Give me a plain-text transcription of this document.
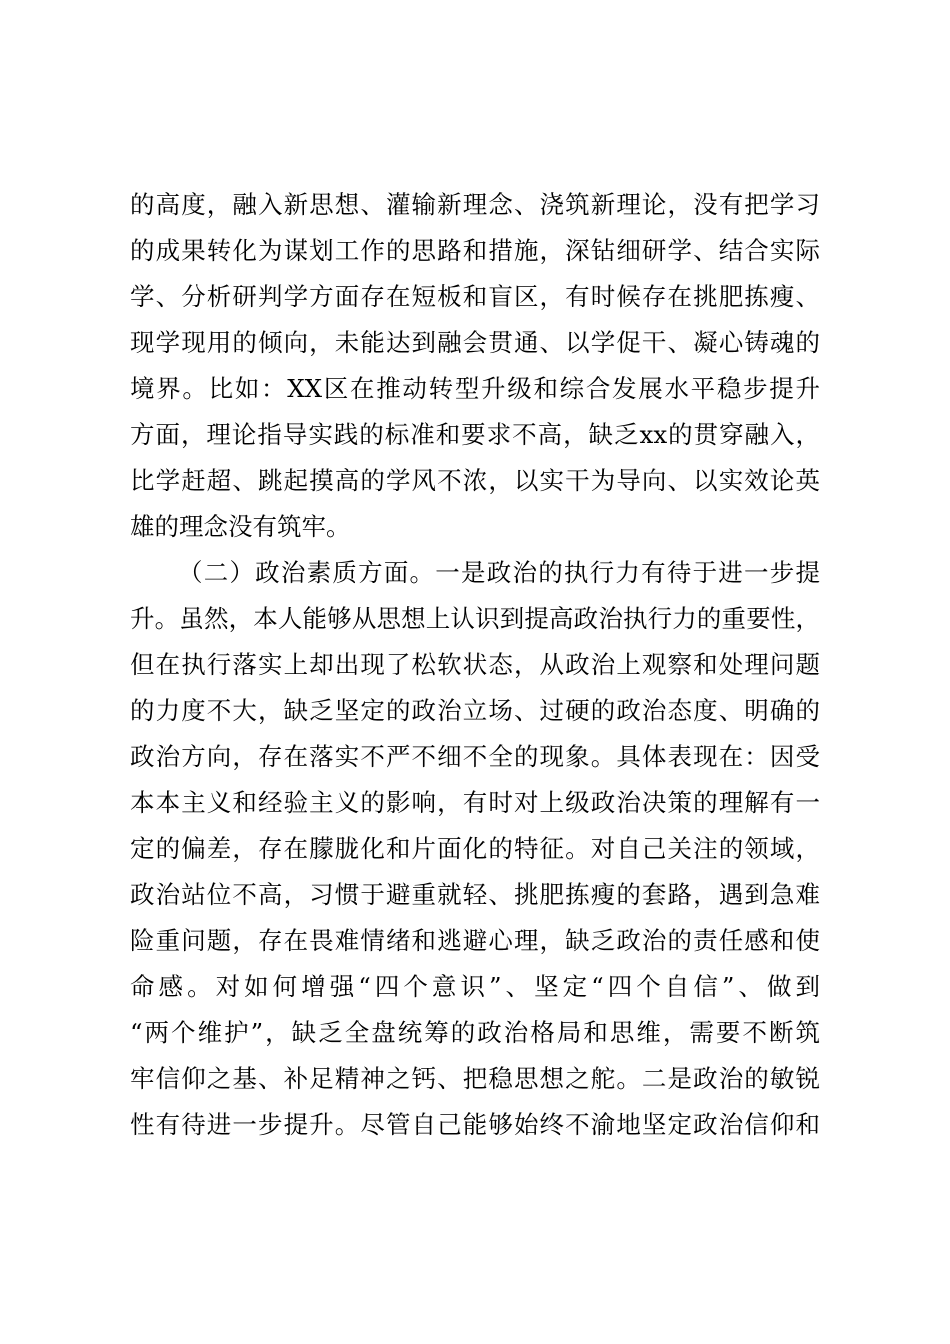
的高度，融入新思想、灌输新理念、浇筑新理论，没有把学习
的成果转化为谋划工作的思路和措施，深钻细研学、结合实际
学、分析研判学方面存在短板和盲区，有时候存在挑肥拣瘦、
现学现用的倾向，未能达到融会贯通、以学促干、凝心铸魂的
境界。比如：XX区在推动转型升级和综合发展水平稳步提升
方面，理论指导实践的标准和要求不高，缺乏xx的贯穿融入，
比学赶超、跳起摸高的学风不浓，以实干为导向、以实效论英
雄的理念没有筑牢。
（二）政治素质方面。一是政治的执行力有待于进一步提
升。虽然，本人能够从思想上认识到提高政治执行力的重要性，
但在执行落实上却出现了松软状态，从政治上观察和处理问题
的力度不大，缺乏坚定的政治立场、过硬的政治态度、明确的
政治方向，存在落实不严不细不全的现象。具体表现在：因受
本本主义和经验主义的影响，有时对上级政治决策的理解有一
定的偏差，存在朦胧化和片面化的特征。对自己关注的领域，
政治站位不高，习惯于避重就轻、挑肥拣瘦的套路，遇到急难
险重问题，存在畏难情绪和逃避心理，缺乏政治的责任感和使
命感。对如何增强“四个意识”、坚定“四个自信”、做到
“两个维护”，缺乏全盘统筹的政治格局和思维，需要不断筑
牢信仰之基、补足精神之钙、把稳思想之舵。二是政治的敏锐
性有待进一步提升。尽管自己能够始终不渝地坚定政治信仰和
